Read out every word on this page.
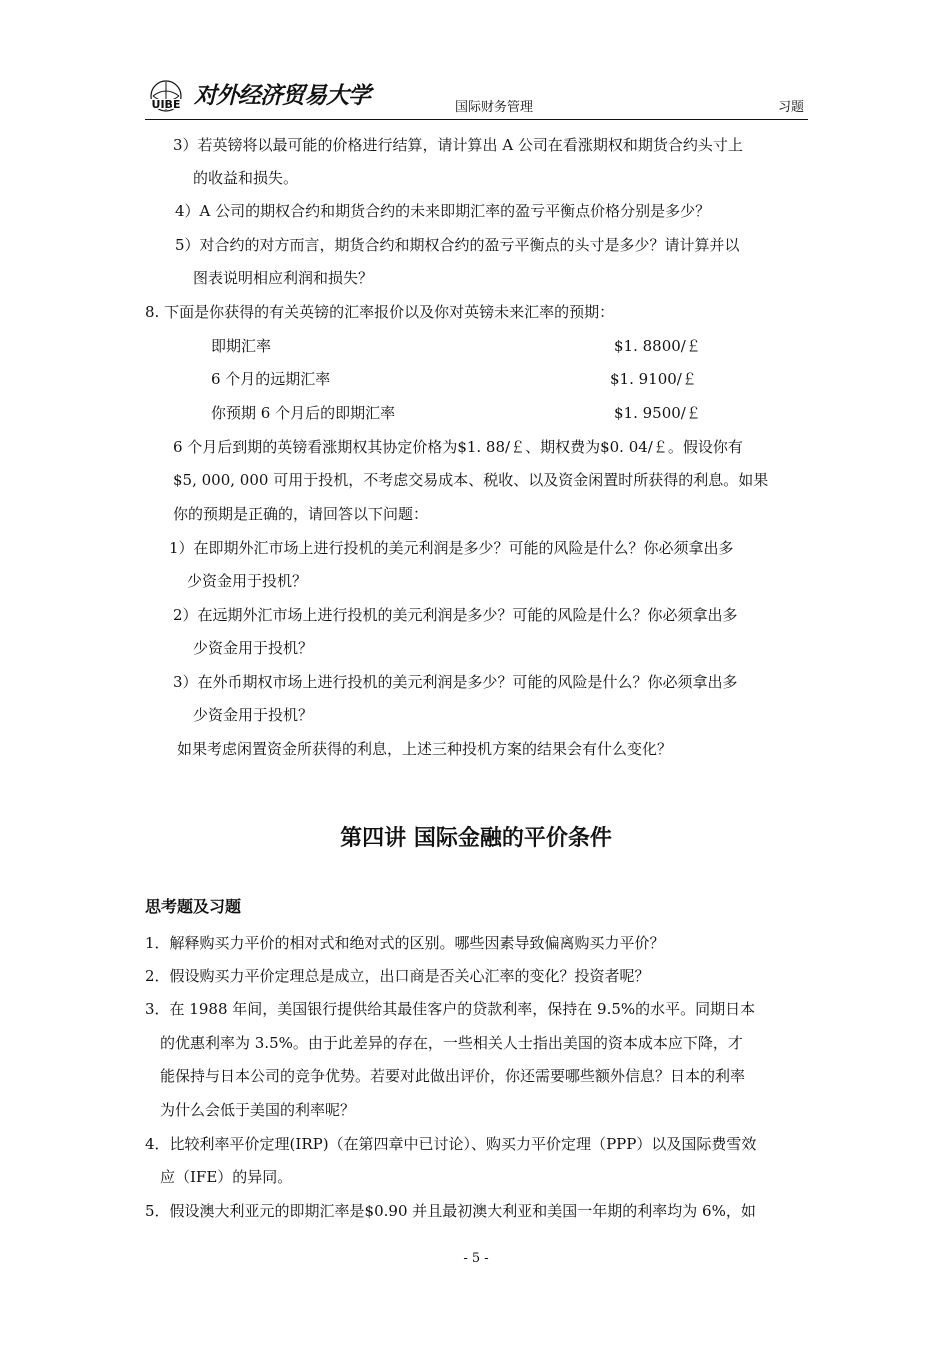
UIBE 对外经济贸易大学	国际财务管理	习题
3）若英镑将以最可能的价格进行结算，请计算出 A 公司在看涨期权和期货合约头寸上
的收益和损失。
4）A 公司的期权合约和期货合约的未来即期汇率的盈亏平衡点价格分别是多少？
5）对合约的对方而言，期货合约和期权合约的盈亏平衡点的头寸是多少？请计算并以
图表说明相应利润和损失？
8. 下面是你获得的有关英镑的汇率报价以及你对英镑未来汇率的预期：
即期汇率	$1. 8800/￡
6 个月的远期汇率	$1. 9100/￡
你预期 6 个月后的即期汇率	$1. 9500/￡
6 个月后到期的英镑看涨期权其协定价格为$1. 88/￡、期权费为$0. 04/￡。假设你有
$5, 000, 000 可用于投机，不考虑交易成本、税收、以及资金闲置时所获得的利息。如果
你的预期是正确的，请回答以下问题：
1）在即期外汇市场上进行投机的美元利润是多少？可能的风险是什么？你必须拿出多
少资金用于投机？
2）在远期外汇市场上进行投机的美元利润是多少？可能的风险是什么？你必须拿出多
少资金用于投机？
3）在外币期权市场上进行投机的美元利润是多少？可能的风险是什么？你必须拿出多
少资金用于投机？
如果考虑闲置资金所获得的利息，上述三种投机方案的结果会有什么变化？
第四讲 国际金融的平价条件
思考题及习题
1．解释购买力平价的相对式和绝对式的区别。哪些因素导致偏离购买力平价？
2．假设购买力平价定理总是成立，出口商是否关心汇率的变化？投资者呢？
3．在 1988 年间，美国银行提供给其最佳客户的贷款利率，保持在 9.5%的水平。同期日本
的优惠利率为 3.5%。由于此差异的存在，一些相关人士指出美国的资本成本应下降，才
能保持与日本公司的竞争优势。若要对此做出评价，你还需要哪些额外信息？日本的利率
为什么会低于美国的利率呢？
4．比较利率平价定理(IRP)（在第四章中已讨论）、购买力平价定理（PPP）以及国际费雪效
应（IFE）的异同。
5．假设澳大利亚元的即期汇率是$0.90 并且最初澳大利亚和美国一年期的利率均为 6%，如
- 5 -
